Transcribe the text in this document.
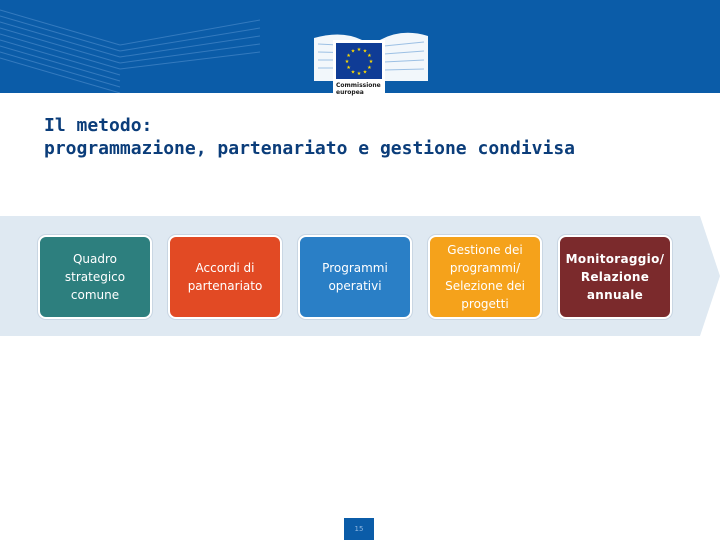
★ ★
★
★
★
★
★
★
★
★
★
★
Commissione
europea
Il metodo:
programmazione, partenariato e gestione condivisa
Quadro
strategico
comune
Accordi di
partenariato
Programmi
operativi
Gestione dei
programmi/
Selezione dei
progetti
Monitoraggio/
Relazione
annuale
15
